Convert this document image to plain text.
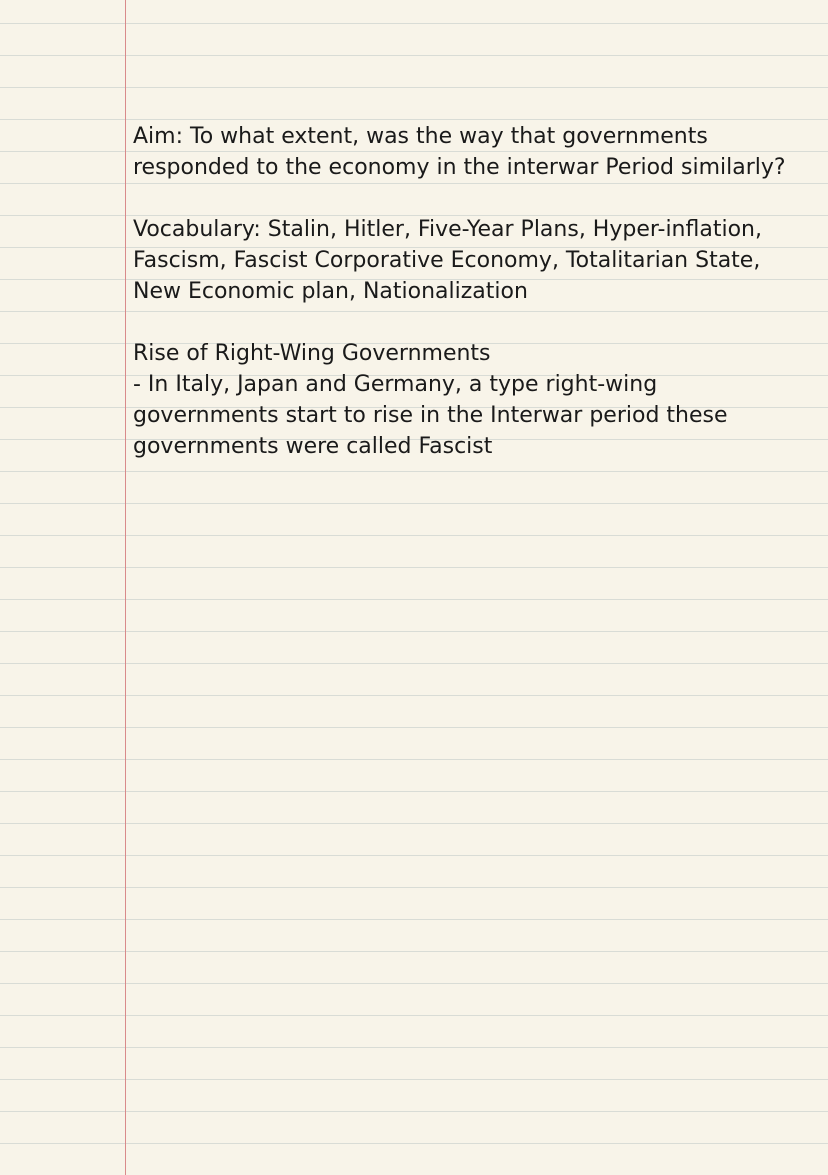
Aim: To what extent, was the way that governments
responded to the economy in the interwar Period similarly?
Vocabulary: Stalin, Hitler, Five-Year Plans, Hyper-inflation,
Fascism, Fascist Corporative Economy, Totalitarian State,
New Economic plan, Nationalization
Rise of Right-Wing Governments
- In Italy, Japan and Germany, a type right-wing
governments start to rise in the Interwar period these
governments were called Fascist
